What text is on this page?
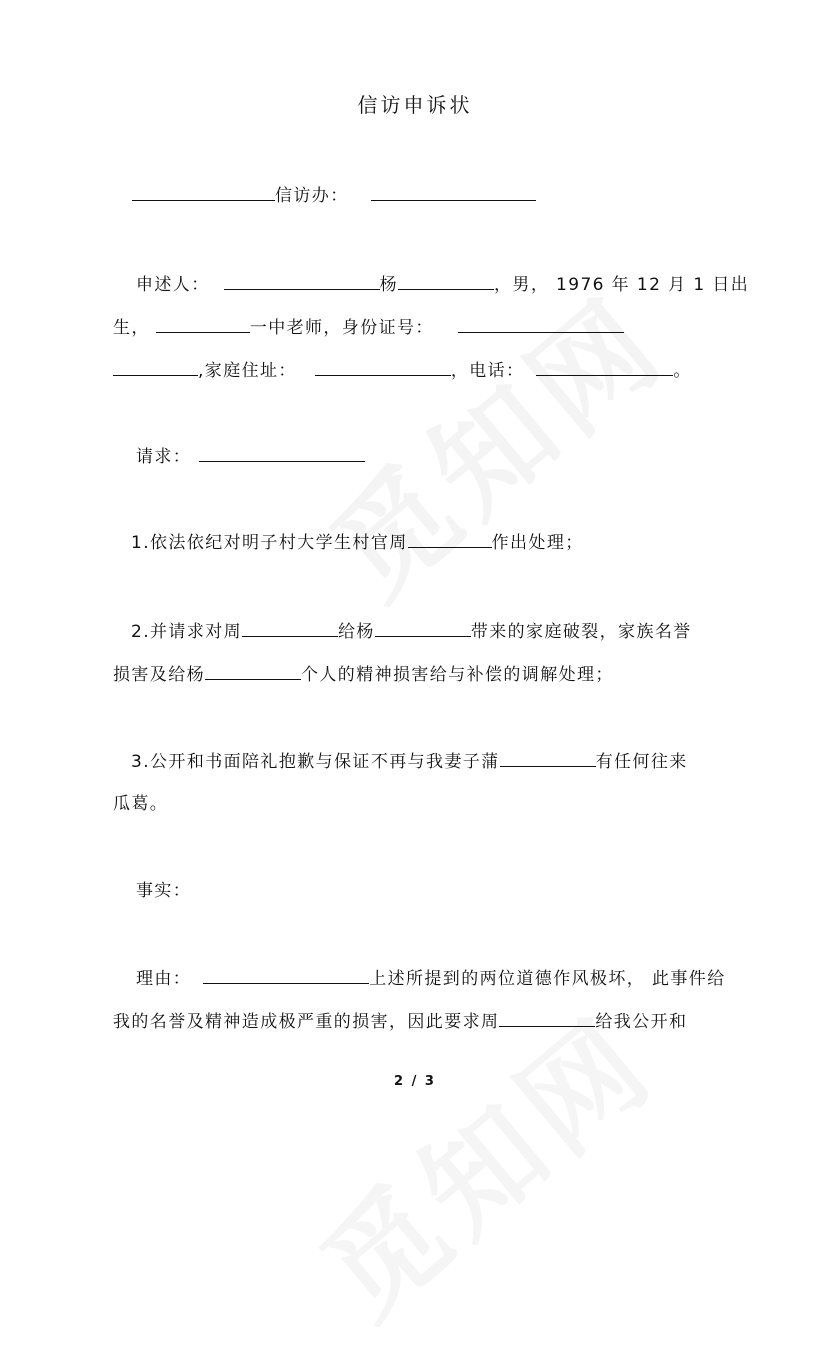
信访申诉状
信访办：
申述人：	杨	，男， 1976 年 12 月 1 日出
生，	一中老师，身份证号：
,家庭住址：	，电话：	。
请求：
1.依法依纪对明子村大学生村官周	作出处理；
2.并请求对周	给杨	带来的家庭破裂，家族名誉
损害及给杨	个人的精神损害给与补偿的调解处理；
3.公开和书面陪礼抱歉与保证不再与我妻子蒲	有任何往来
瓜葛。
事实：
理由：	上述所提到的两位道德作风极坏， 此事件给
我的名誉及精神造成极严重的损害，因此要求周	给我公开和
2 / 3
